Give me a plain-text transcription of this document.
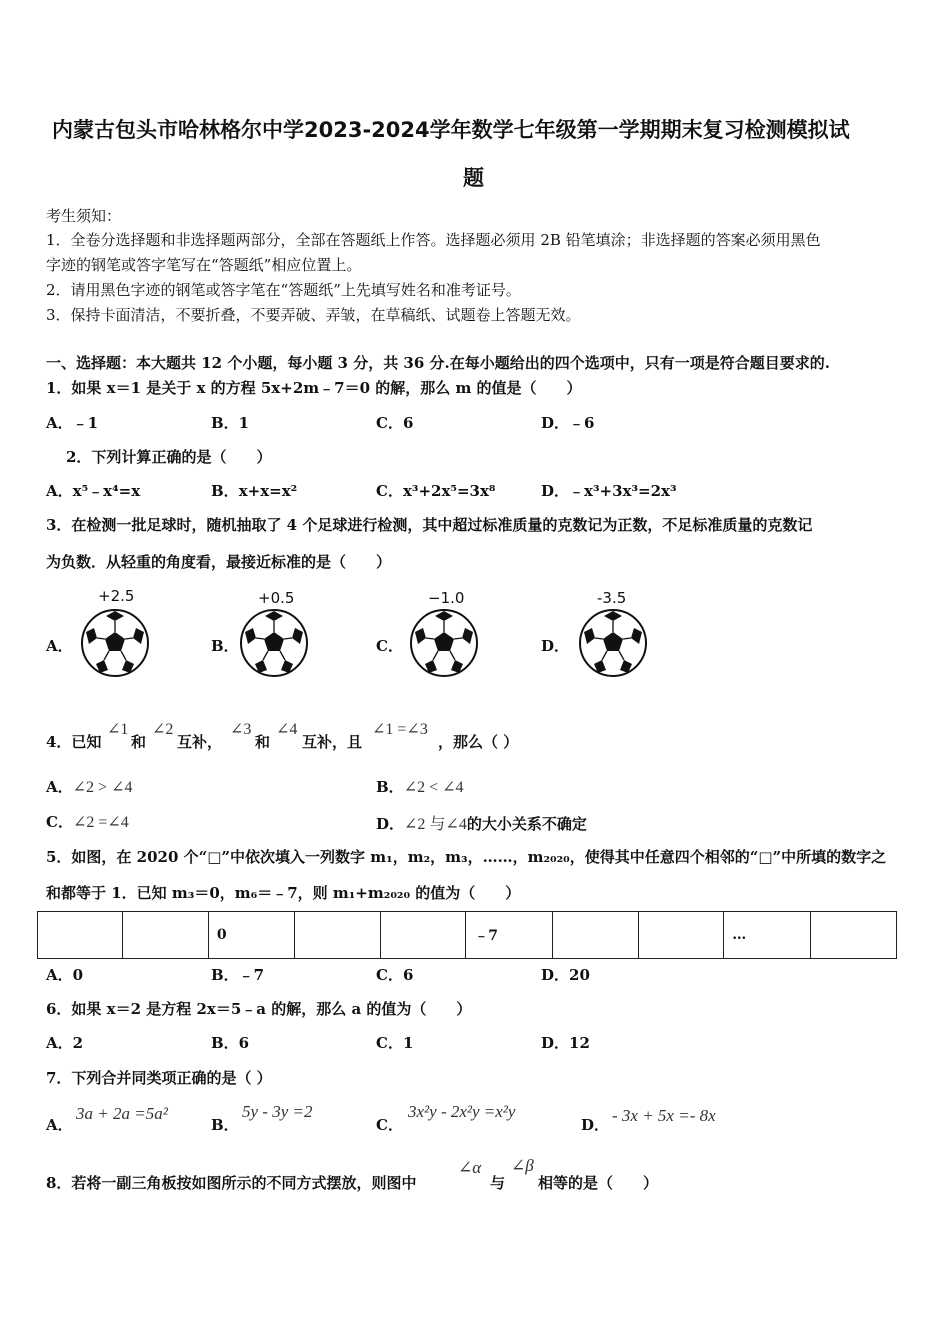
内蒙古包头市哈林格尔中学2023-2024学年数学七年级第一学期期末复习检测模拟试
题
考生须知：
1．全卷分选择题和非选择题两部分，全部在答题纸上作答。选择题必须用 2B 铅笔填涂；非选择题的答案必须用黑色
字迹的钢笔或答字笔写在“答题纸”相应位置上。
2．请用黑色字迹的钢笔或答字笔在“答题纸”上先填写姓名和准考证号。
3．保持卡面清洁，不要折叠，不要弄破、弄皱，在草稿纸、试题卷上答题无效。
一、选择题：本大题共 12 个小题，每小题 3 分，共 36 分.在每小题给出的四个选项中，只有一项是符合题目要求的.
1．如果 x＝1 是关于 x 的方程 5x+2m﹣7＝0 的解，那么 m 的值是（　　）
A．﹣1	B．1	C．6	D．﹣6
2．下列计算正确的是（　　）
A．x⁵﹣x⁴=x	B．x+x=x²	C．x³+2x⁵=3x⁸	D．﹣x³+3x³=2x³
3．在检测一批足球时，随机抽取了 4 个足球进行检测，其中超过标准质量的克数记为正数，不足标准质量的克数记
为负数．从轻重的角度看，最接近标准的是（　　）
A．	B．	C．	D．
+2.5	+0.5	−1.0	-3.5
4．已知
∠1
和
∠2
互补，
∠3
和
∠4
互补，且
∠1 =∠3
，那么（ ）
A．∠2 > ∠4	B．∠2 < ∠4
C．∠2 =∠4	D．∠2 与∠4的大小关系不确定
5．如图，在 2020 个“□”中依次填入一列数字 m₁，m₂，m₃，……，m₂₀₂₀，使得其中任意四个相邻的“□”中所填的数字之
和都等于 1．已知 m₃＝0，m₆＝﹣7，则 m₁+m₂₀₂₀ 的值为（　　）
		0			﹣7			…	
A．0	B．﹣7	C．6	D．20
6．如果 x＝2 是方程 2x＝5﹣a 的解，那么 a 的值为（　　）
A．2	B．6	C．1	D．12
7．下列合并同类项正确的是（ ）
A．
3a + 2a =5a²
B．
5y - 3y =2
C．
3x²y - 2x²y =x²y
D． - 3x + 5x =- 8x
8．若将一副三角板按如图所示的不同方式摆放，则图中
∠α
与
∠β
相等的是（　　）
